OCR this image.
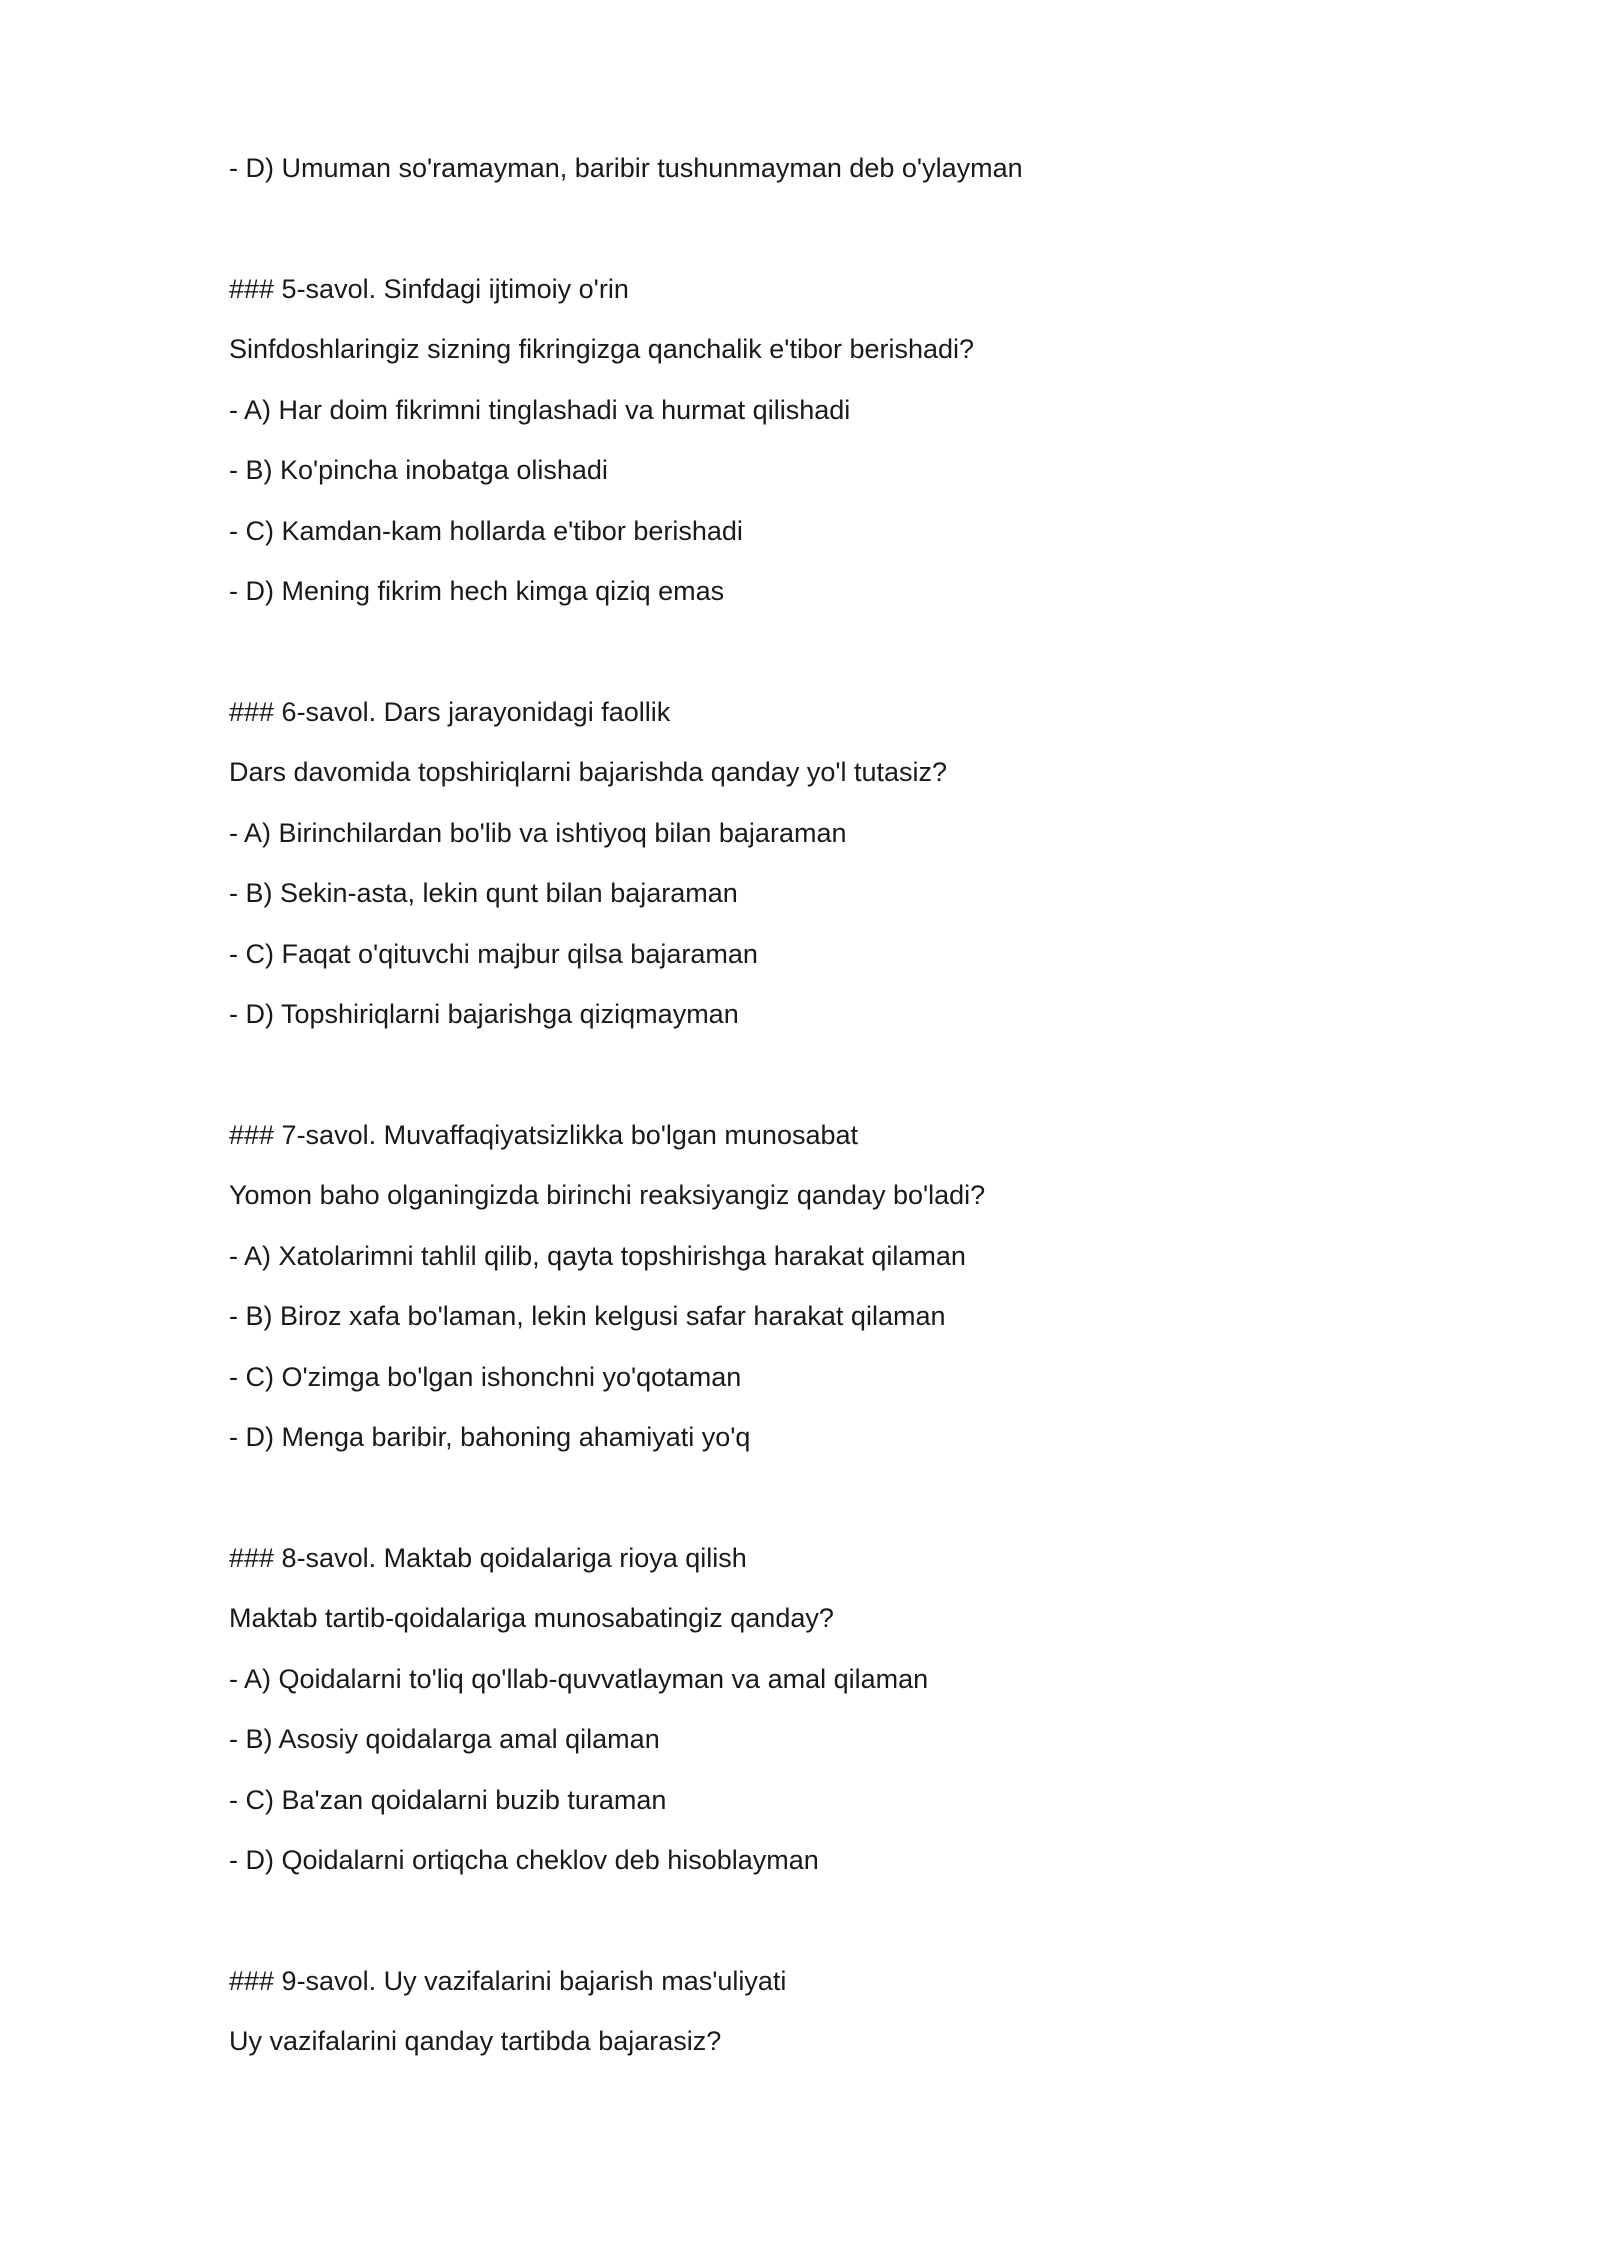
- D) Umuman so'ramayman, baribir tushunmayman deb o'ylayman
### 5-savol. Sinfdagi ijtimoiy o'rin
Sinfdoshlaringiz sizning fikringizga qanchalik e'tibor berishadi?
- A) Har doim fikrimni tinglashadi va hurmat qilishadi
- B) Ko'pincha inobatga olishadi
- C) Kamdan-kam hollarda e'tibor berishadi
- D) Mening fikrim hech kimga qiziq emas
### 6-savol. Dars jarayonidagi faollik
Dars davomida topshiriqlarni bajarishda qanday yo'l tutasiz?
- A) Birinchilardan bo'lib va ishtiyoq bilan bajaraman
- B) Sekin-asta, lekin qunt bilan bajaraman
- C) Faqat o'qituvchi majbur qilsa bajaraman
- D) Topshiriqlarni bajarishga qiziqmayman
### 7-savol. Muvaffaqiyatsizlikka bo'lgan munosabat
Yomon baho olganingizda birinchi reaksiyangiz qanday bo'ladi?
- A) Xatolarimni tahlil qilib, qayta topshirishga harakat qilaman
- B) Biroz xafa bo'laman, lekin kelgusi safar harakat qilaman
- C) O'zimga bo'lgan ishonchni yo'qotaman
- D) Menga baribir, bahoning ahamiyati yo'q
### 8-savol. Maktab qoidalariga rioya qilish
Maktab tartib-qoidalariga munosabatingiz qanday?
- A) Qoidalarni to'liq qo'llab-quvvatlayman va amal qilaman
- B) Asosiy qoidalarga amal qilaman
- C) Ba'zan qoidalarni buzib turaman
- D) Qoidalarni ortiqcha cheklov deb hisoblayman
### 9-savol. Uy vazifalarini bajarish mas'uliyati
Uy vazifalarini qanday tartibda bajarasiz?
